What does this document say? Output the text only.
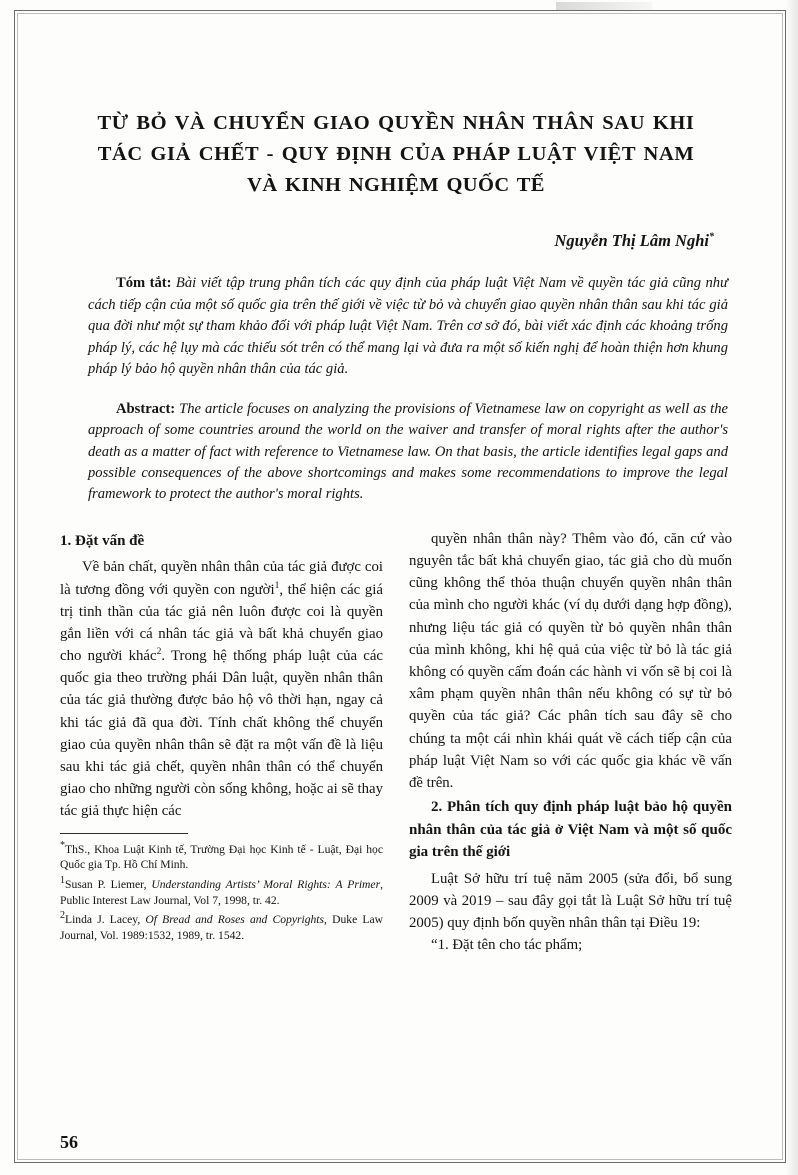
TỪ BỎ VÀ CHUYỂN GIAO QUYỀN NHÂN THÂN SAU KHI
TÁC GIẢ CHẾT - QUY ĐỊNH CỦA PHÁP LUẬT VIỆT NAM
VÀ KINH NGHIỆM QUỐC TẾ
Nguyễn Thị Lâm Nghi*
Tóm tắt: Bài viết tập trung phân tích các quy định của pháp luật Việt Nam về quyền tác giả cũng như cách tiếp cận của một số quốc gia trên thế giới về việc từ bỏ và chuyển giao quyền nhân thân sau khi tác giả qua đời như một sự tham khảo đối với pháp luật Việt Nam. Trên cơ sở đó, bài viết xác định các khoảng trống pháp lý, các hệ lụy mà các thiếu sót trên có thể mang lại và đưa ra một số kiến nghị để hoàn thiện hơn khung pháp lý bảo hộ quyền nhân thân của tác giả.
Abstract: The article focuses on analyzing the provisions of Vietnamese law on copyright as well as the approach of some countries around the world on the waiver and transfer of moral rights after the author's death as a matter of fact with reference to Vietnamese law. On that basis, the article identifies legal gaps and possible consequences of the above shortcomings and makes some recommendations to improve the legal framework to protect the author's moral rights.
1. Đặt vấn đề

Về bản chất, quyền nhân thân của tác giả được coi là tương đồng với quyền con người$^1$, thể hiện các giá trị tinh thần của tác giả nên luôn được coi là quyền gắn liền với cá nhân tác giả và bất khả chuyển giao cho người khác$^2$. Trong hệ thống pháp luật của các quốc gia theo trường phái Dân luật, quyền nhân thân của tác giả thường được bảo hộ vô thời hạn, ngay cả khi tác giả đã qua đời. Tính chất không thể chuyển giao của quyền nhân thân sẽ đặt ra một vấn đề là liệu sau khi tác giả chết, quyền nhân thân có thể chuyển giao cho những người còn sống không, hoặc ai sẽ thay tác giả thực hiện các

*ThS., Khoa Luật Kinh tế, Trường Đại học Kinh tế - Luật, Đại học Quốc gia Tp. Hồ Chí Minh.
1Susan P. Liemer, Understanding Artists’ Moral Rights: A Primer, Public Interest Law Journal, Vol 7, 1998, tr. 42.
2Linda J. Lacey, Of Bread and Roses and Copyrights, Duke Law Journal, Vol. 1989:1532, 1989, tr. 1542.

quyền nhân thân này? Thêm vào đó, căn cứ vào nguyên tắc bất khả chuyển giao, tác giả cho dù muốn cũng không thể thỏa thuận chuyển quyền nhân thân của mình cho người khác (ví dụ dưới dạng hợp đồng), nhưng liệu tác giả có quyền từ bỏ quyền nhân thân của mình không, khi hệ quả của việc từ bỏ là tác giả không có quyền cấm đoán các hành vi vốn sẽ bị coi là xâm phạm quyền nhân thân nếu không có sự từ bỏ quyền của tác giả? Các phân tích sau đây sẽ cho chúng ta một cái nhìn khái quát về cách tiếp cận của pháp luật Việt Nam so với các quốc gia khác về vấn đề trên.

2. Phân tích quy định pháp luật bảo hộ quyền nhân thân của tác giả ở Việt Nam và một số quốc gia trên thế giới

Luật Sở hữu trí tuệ năm 2005 (sửa đổi, bổ sung 2009 và 2019 – sau đây gọi tắt là Luật Sở hữu trí tuệ 2005) quy định bốn quyền nhân thân tại Điều 19:

“1. Đặt tên cho tác phẩm;

56
